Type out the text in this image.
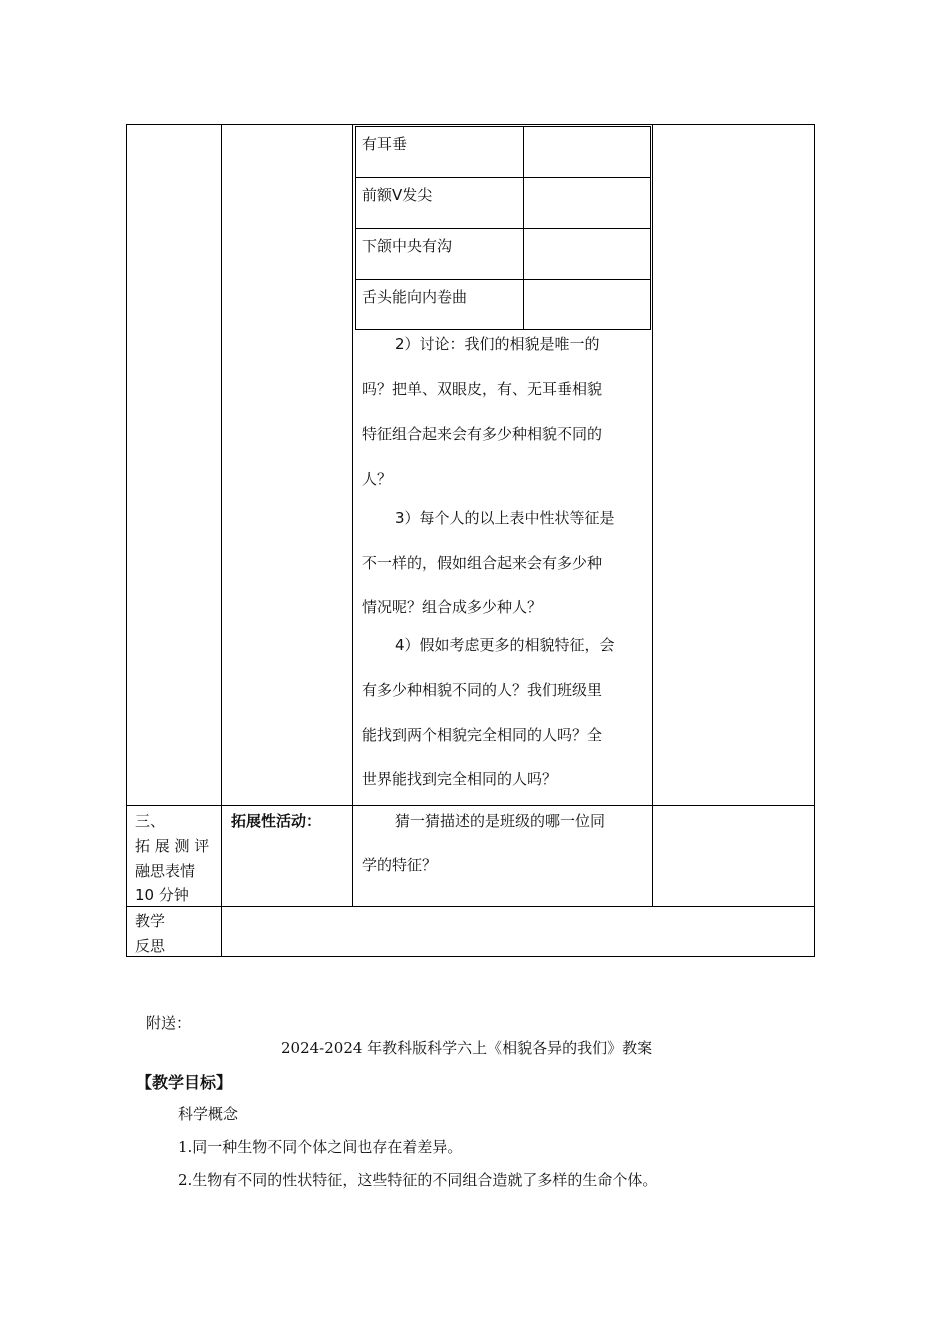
有耳垂
前额Ⅴ发尖
下颌中央有沟
舌头能向内卷曲
2）讨论：我们的相貌是唯一的
吗？把单、双眼皮，有、无耳垂相貌
特征组合起来会有多少种相貌不同的
人？
3）每个人的以上表中性状等征是
不一样的，假如组合起来会有多少种
情况呢？组合成多少种人？
4）假如考虑更多的相貌特征，会
有多少种相貌不同的人？我们班级里
能找到两个相貌完全相同的人吗？全
世界能找到完全相同的人吗？
三、
拓 展 测 评
融思表情
10 分钟
拓展性活动：	猜一猜描述的是班级的哪一位同
学的特征？
教学
反思
附送：
2024-2024 年教科版科学六上《相貌各异的我们》教案
【教学目标】
科学概念
1.同一种生物不同个体之间也存在着差异。
2.生物有不同的性状特征，这些特征的不同组合造就了多样的生命个体。
